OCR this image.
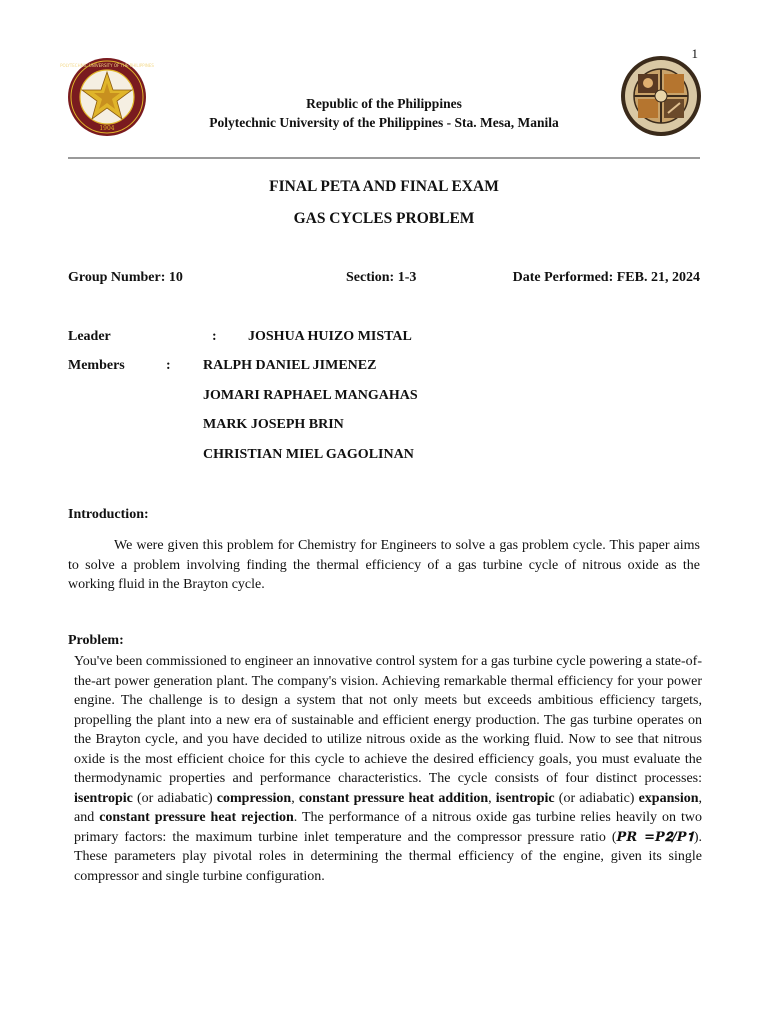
1
1904
POLYTECHNIC UNIVERSITY OF THE PHILIPPINES
Republic of the Philippines
Polytechnic University of the Philippines - Sta. Mesa, Manila
FINAL PETA AND FINAL EXAM
GAS CYCLES PROBLEM
Group Number: 10	Section: 1-3	Date Performed: FEB. 21, 2024
Leader	: JOSHUA HUIZO MISTAL
Members	: RALPH DANIEL JIMENEZ
JOMARI RAPHAEL MANGAHAS
MARK JOSEPH BRIN
CHRISTIAN MIEL GAGOLINAN
Introduction:
We were given this problem for Chemistry for Engineers to solve a gas problem cycle. This paper aims to solve a problem involving finding the thermal efficiency of a gas turbine cycle of nitrous oxide as the working fluid in the Brayton cycle.
Problem:
You've been commissioned to engineer an innovative control system for a gas turbine cycle powering a state-of-the-art power generation plant. The company's vision. Achieving remarkable thermal efficiency for your power engine. The challenge is to design a system that not only meets but exceeds ambitious efficiency targets, propelling the plant into a new era of sustainable and efficient energy production. The gas turbine operates on the Brayton cycle, and you have decided to utilize nitrous oxide as the working fluid. Now to see that nitrous oxide is the most efficient choice for this cycle to achieve the desired efficiency goals, you must evaluate the thermodynamic properties and performance characteristics. The cycle consists of four distinct processes: isentropic (or adiabatic) compression, constant pressure heat addition, isentropic (or adiabatic) expansion, and constant pressure heat rejection. The performance of a nitrous oxide gas turbine relies heavily on two primary factors: the maximum turbine inlet temperature and the compressor pressure ratio (𝑷𝑹 =𝑷𝟐/𝑷𝟏). These parameters play pivotal roles in determining the thermal efficiency of the engine, given its single compressor and single turbine configuration.
